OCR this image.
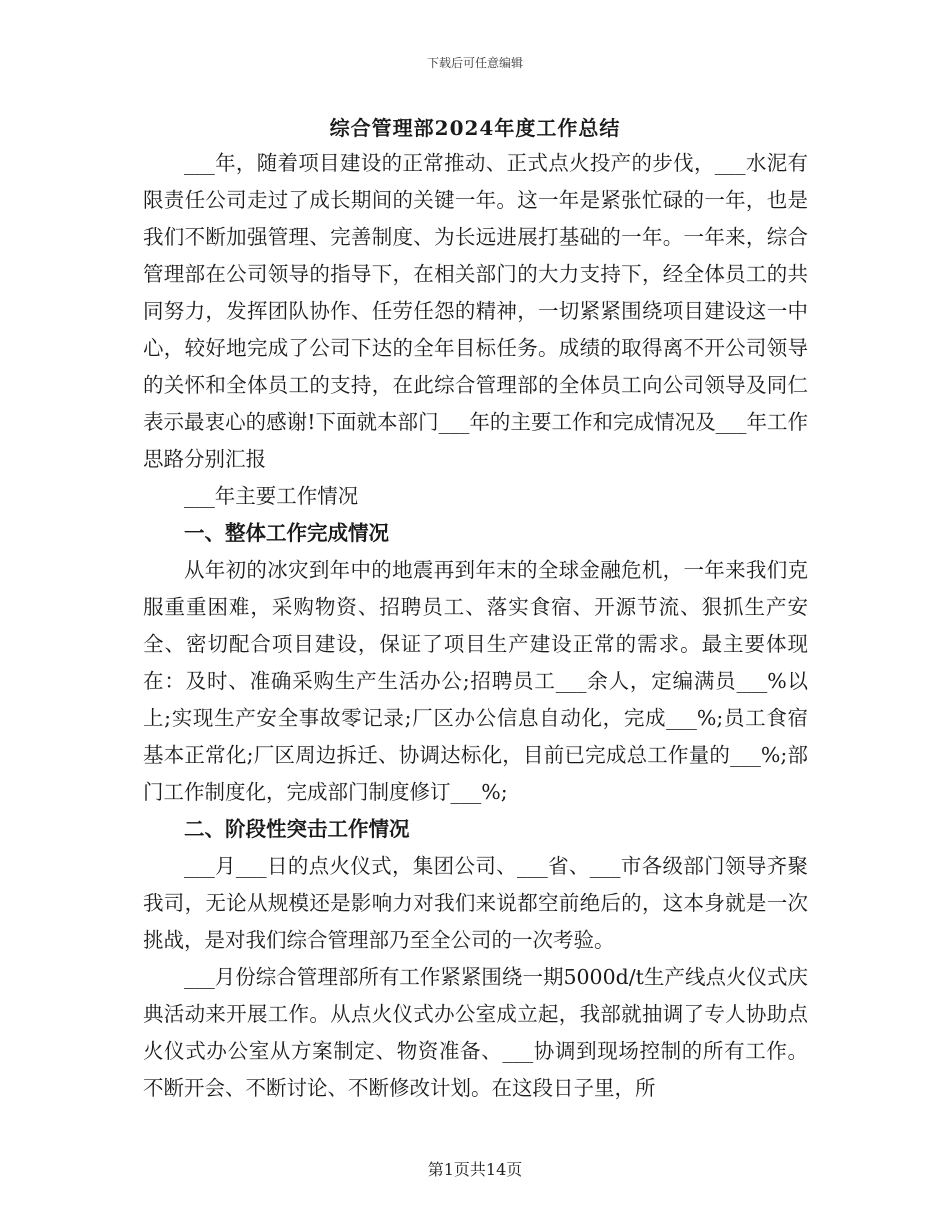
下载后可任意编辑
综合管理部2024年度工作总结

___年，随着项目建设的正常推动、正式点火投产的步伐，___水泥有限责任公司走过了成长期间的关键一年。这一年是紧张忙碌的一年，也是我们不断加强管理、完善制度、为长远进展打基础的一年。一年来，综合管理部在公司领导的指导下，在相关部门的大力支持下，经全体员工的共同努力，发挥团队协作、任劳任怨的精神，一切紧紧围绕项目建设这一中心，较好地完成了公司下达的全年目标任务。成绩的取得离不开公司领导的关怀和全体员工的支持，在此综合管理部的全体员工向公司领导及同仁表示最衷心的感谢!下面就本部门___年的主要工作和完成情况及___年工作思路分别汇报

___年主要工作情况

一、整体工作完成情况

从年初的冰灾到年中的地震再到年末的全球金融危机，一年来我们克服重重困难，采购物资、招聘员工、落实食宿、开源节流、狠抓生产安全、密切配合项目建设，保证了项目生产建设正常的需求。最主要体现在：及时、准确采购生产生活办公;招聘员工___余人，定编满员___%以上;实现生产安全事故零记录;厂区办公信息自动化，完成___%;员工食宿基本正常化;厂区周边拆迁、协调达标化，目前已完成总工作量的___%;部门工作制度化，完成部门制度修订___%;

二、阶段性突击工作情况

___月___日的点火仪式，集团公司、___省、___市各级部门领导齐聚我司，无论从规模还是影响力对我们来说都空前绝后的，这本身就是一次挑战，是对我们综合管理部乃至全公司的一次考验。

___月份综合管理部所有工作紧紧围绕一期5000d/t生产线点火仪式庆典活动来开展工作。从点火仪式办公室成立起，我部就抽调了专人协助点火仪式办公室从方案制定、物资准备、___协调到现场控制的所有工作。不断开会、不断讨论、不断修改计划。在这段日子里，所

第1页共14页
